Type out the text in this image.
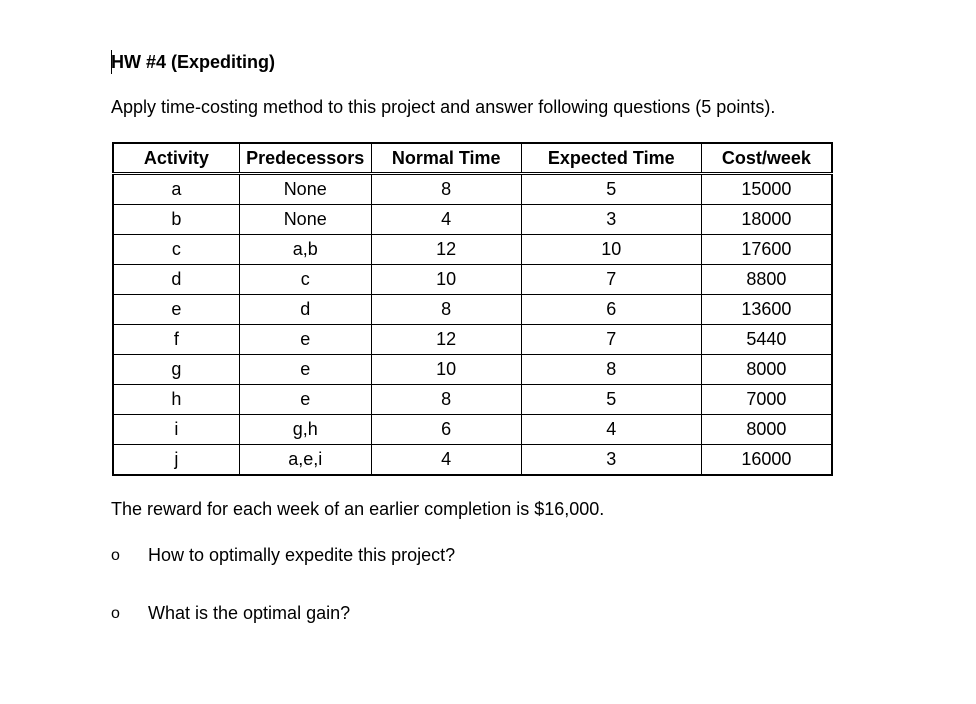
HW #4 (Expediting)
Apply time-costing method to this project and answer following questions (5 points).
Activity	Predecessors	Normal Time	Expected Time	Cost/week
a	None	8	5	15000
b	None	4	3	18000
c	a,b	12	10	17600
d	c	10	7	8800
e	d	8	6	13600
f	e	12	7	5440
g	e	10	8	8000
h	e	8	5	7000
i	g,h	6	4	8000
j	a,e,i	4	3	16000
The reward for each week of an earlier completion is $16,000.
o	How to optimally expedite this project?
o	What is the optimal gain?
